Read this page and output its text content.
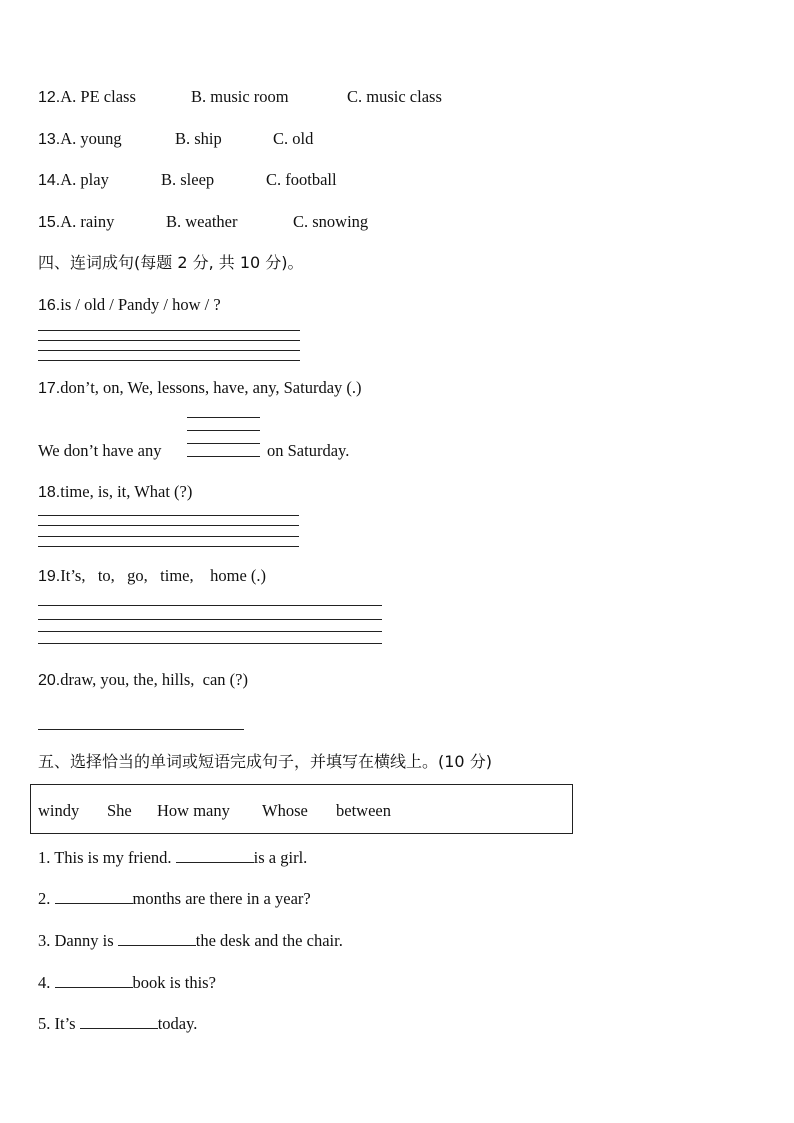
12.A. PE class	B. music room	C. music class
13.A. young	B. ship	C. old
14.A. play	B. sleep	C. football
15.A. rainy	B. weather	C. snowing
四、连词成句(每题 2 分, 共 10 分)。
16.is / old / Pandy / how / ?
17.don’t, on, We, lessons, have, any, Saturday (.)
We don’t have any	on Saturday.
18.time, is, it, What (?)
19.It’s,   to,   go,   time,    home (.)
20.draw, you, the, hills,  can (?)
五、选择恰当的单词或短语完成句子，并填写在横线上。(10 分)
windy She How many Whose between
1. This is my friend.	is a girl.
2.	months are there in a year?
3. Danny is	the desk and the chair.
4.	book is this?
5. It’s	today.
